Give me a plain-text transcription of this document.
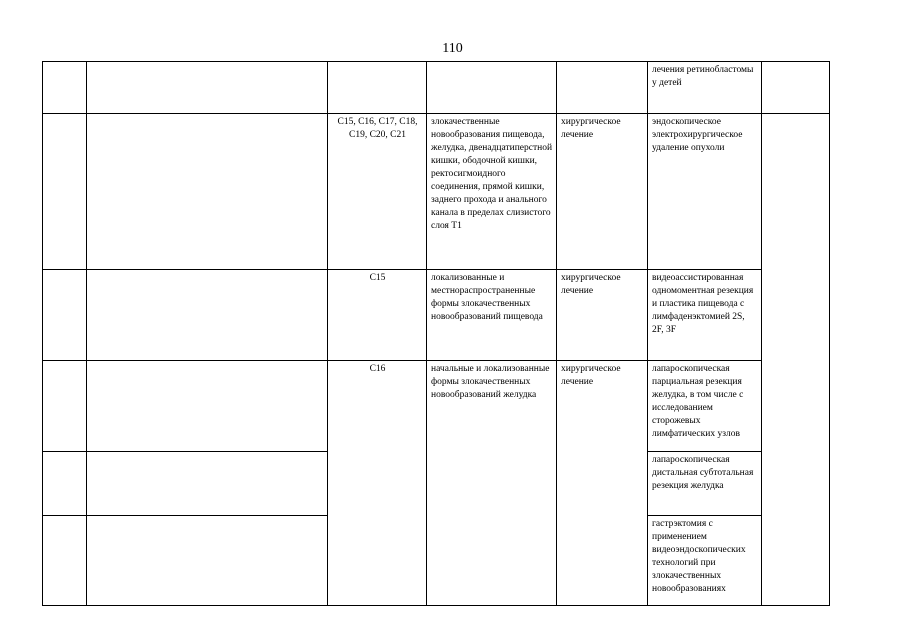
110
					лечения ретинобластомы у детей	
		С15, С16, С17, С18, С19, С20, С21	злокачественные новообразования пищевода, желудка, двенадцатиперстной кишки, ободочной кишки, ректосигмоидного соединения, прямой кишки, заднего прохода и анального канала в пределах слизистого слоя Т1	хирургическое лечение	эндоскопическое электрохирургическое удаление опухоли	
		С15	локализованные и местнораспространенные формы злокачественных новообразований пищевода	хирургическое лечение	видеоассистированная одномоментная резекция и пластика пищевода с лимфаденэктомией 2S, 2F, 3F	
		С16	начальные и локализованные формы злокачественных новообразований желудка	хирургическое лечение	лапароскопическая парциальная резекция желудка, в том числе с исследованием сторожевых лимфатических узлов	
					лапароскопическая дистальная субтотальная резекция желудка	
					гастрэктомия с применением видеоэндоскопических технологий при злокачественных новообразованиях	
